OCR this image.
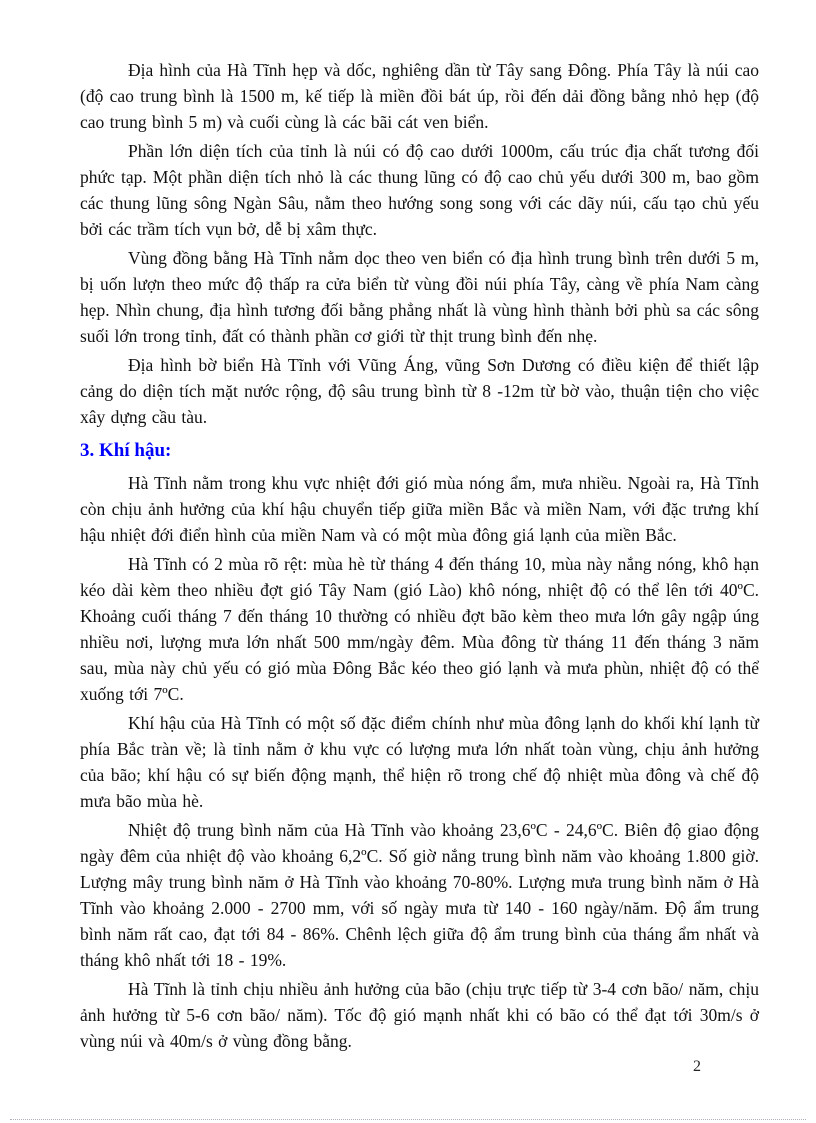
Địa hình của Hà Tĩnh hẹp và dốc, nghiêng dần từ Tây sang Đông. Phía Tây là núi cao (độ cao trung bình là 1500 m, kế tiếp là miền đồi bát úp, rồi đến dải đồng bằng nhỏ hẹp (độ cao trung bình 5 m) và cuối cùng là các bãi cát ven biển.

Phần lớn diện tích của tỉnh là núi có độ cao dưới 1000m, cấu trúc địa chất tương đối phức tạp. Một phần diện tích nhỏ là các thung lũng có độ cao chủ yếu dưới 300 m, bao gồm các thung lũng sông Ngàn Sâu, nằm theo hướng song song với các dãy núi, cấu tạo chủ yếu bởi các trầm tích vụn bở, dễ bị xâm thực.

Vùng đồng bằng Hà Tĩnh nằm dọc theo ven biển có địa hình trung bình trên dưới 5 m, bị uốn lượn theo mức độ thấp ra cửa biển từ vùng đồi núi phía Tây, càng về phía Nam càng hẹp. Nhìn chung, địa hình tương đối bằng phẳng nhất là vùng hình thành bởi phù sa các sông suối lớn trong tỉnh, đất có thành phần cơ giới từ thịt trung bình đến nhẹ.

Địa hình bờ biển Hà Tĩnh với Vũng Áng, vũng Sơn Dương có điều kiện để thiết lập cảng do diện tích mặt nước rộng, độ sâu trung bình từ 8 -12m từ bờ vào, thuận tiện cho việc xây dựng cầu tàu.

3. Khí hậu:

Hà Tĩnh nằm trong khu vực nhiệt đới gió mùa nóng ẩm, mưa nhiều. Ngoài ra, Hà Tĩnh còn chịu ảnh hưởng của khí hậu chuyển tiếp giữa miền Bắc và miền Nam, với đặc trưng khí hậu nhiệt đới điển hình của miền Nam và có một mùa đông giá lạnh của miền Bắc.

Hà Tĩnh có 2 mùa rõ rệt: mùa hè từ tháng 4 đến tháng 10, mùa này nắng nóng, khô hạn kéo dài kèm theo nhiều đợt gió Tây Nam (gió Lào) khô nóng, nhiệt độ có thể lên tới 40ºC. Khoảng cuối tháng 7 đến tháng 10 thường có nhiều đợt bão kèm theo mưa lớn gây ngập úng nhiều nơi, lượng mưa lớn nhất 500 mm/ngày đêm. Mùa đông từ tháng 11 đến tháng 3 năm sau, mùa này chủ yếu có gió mùa Đông Bắc kéo theo gió lạnh và mưa phùn, nhiệt độ có thể xuống tới 7ºC.

Khí hậu của Hà Tĩnh có một số đặc điểm chính như mùa đông lạnh do khối khí lạnh từ phía Bắc tràn về; là tỉnh nằm ở khu vực có lượng mưa lớn nhất toàn vùng, chịu ảnh hưởng của bão; khí hậu có sự biến động mạnh, thể hiện rõ trong chế độ nhiệt mùa đông và chế độ mưa bão mùa hè.

Nhiệt độ trung bình năm của Hà Tĩnh vào khoảng 23,6ºC - 24,6ºC. Biên độ giao động ngày đêm của nhiệt độ vào khoảng 6,2ºC. Số giờ nắng trung bình năm vào khoảng 1.800 giờ. Lượng mây trung bình năm ở Hà Tĩnh vào khoảng 70-80%. Lượng mưa trung bình năm ở Hà Tĩnh vào khoảng 2.000 - 2700 mm, với số ngày mưa từ 140 - 160 ngày/năm. Độ ẩm trung bình năm rất cao, đạt tới 84 - 86%. Chênh lệch giữa độ ẩm trung bình của tháng ẩm nhất và tháng khô nhất tới 18 - 19%.

Hà Tĩnh là tỉnh chịu nhiều ảnh hưởng của bão (chịu trực tiếp từ 3-4 cơn bão/ năm, chịu ảnh hưởng từ 5-6 cơn bão/ năm). Tốc độ gió mạnh nhất khi có bão có thể đạt tới 30m/s ở vùng núi và 40m/s ở vùng đồng bằng.

2
